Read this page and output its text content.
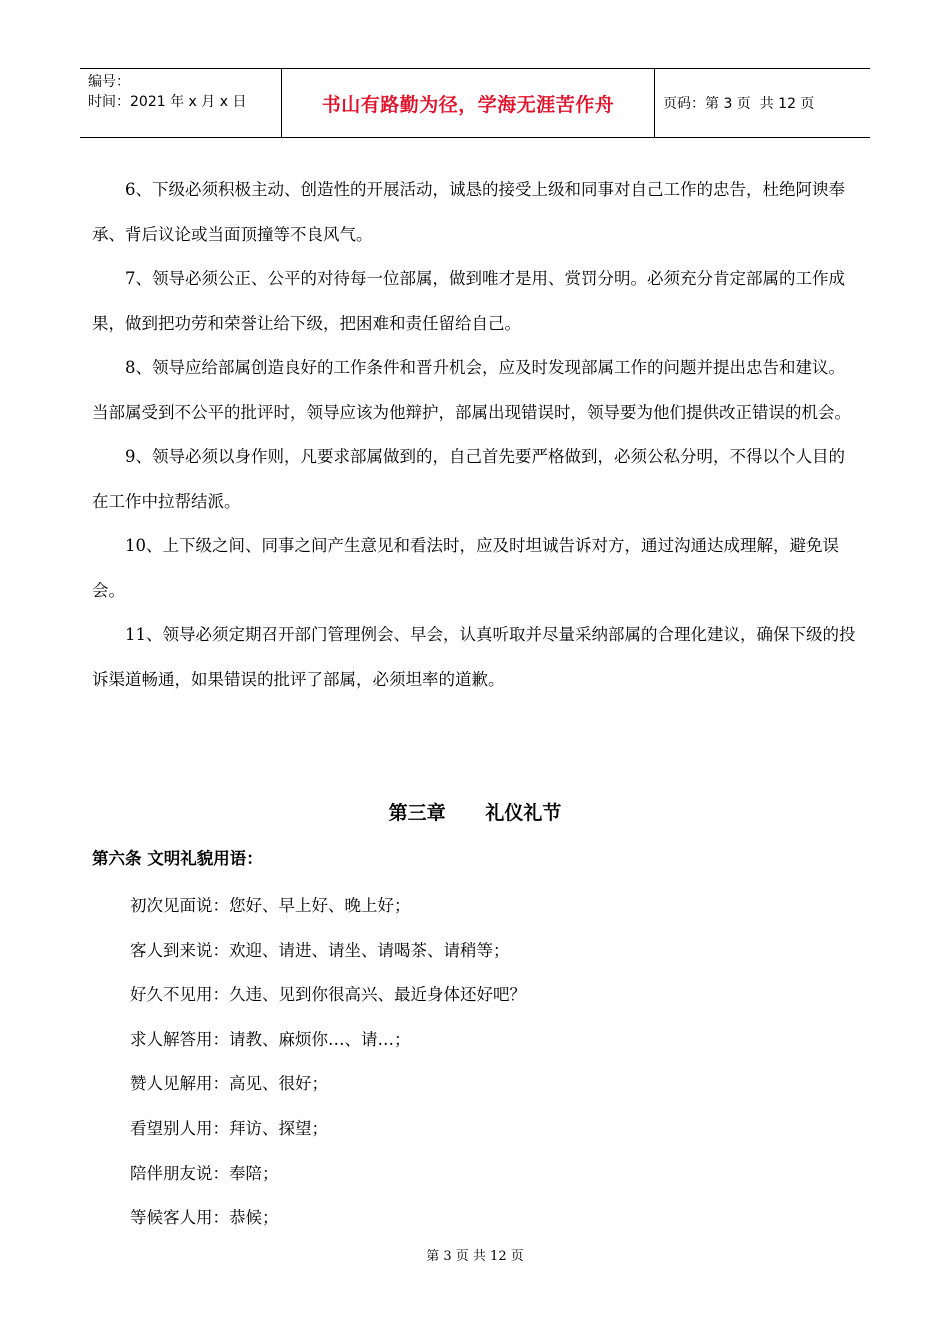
编号：
时间：2021 年 x 月 x 日	书山有路勤为径，学海无涯苦作舟	页码：第 3 页  共 12 页

6、下级必须积极主动、创造性的开展活动，诚恳的接受上级和同事对自己工作的忠告，杜绝阿谀奉承、背后议论或当面顶撞等不良风气。

7、领导必须公正、公平的对待每一位部属，做到唯才是用、赏罚分明。必须充分肯定部属的工作成果，做到把功劳和荣誉让给下级，把困难和责任留给自己。

8、领导应给部属创造良好的工作条件和晋升机会，应及时发现部属工作的问题并提出忠告和建议。当部属受到不公平的批评时，领导应该为他辩护，部属出现错误时，领导要为他们提供改正错误的机会。

9、领导必须以身作则，凡要求部属做到的，自己首先要严格做到，必须公私分明，不得以个人目的在工作中拉帮结派。

10、上下级之间、同事之间产生意见和看法时，应及时坦诚告诉对方，通过沟通达成理解，避免误会。

11、领导必须定期召开部门管理例会、早会，认真听取并尽量采纳部属的合理化建议，确保下级的投诉渠道畅通，如果错误的批评了部属，必须坦率的道歉。

第三章      礼仪礼节
第六条 文明礼貌用语：

初次见面说：您好、早上好、晚上好；

客人到来说：欢迎、请进、请坐、请喝茶、请稍等；

好久不见用：久违、见到你很高兴、最近身体还好吧？

求人解答用：请教、麻烦你…、请…；

赞人见解用：高见、很好；

看望别人用：拜访、探望；

陪伴朋友说：奉陪；

等候客人用：恭候；

第 3 页 共 12 页
